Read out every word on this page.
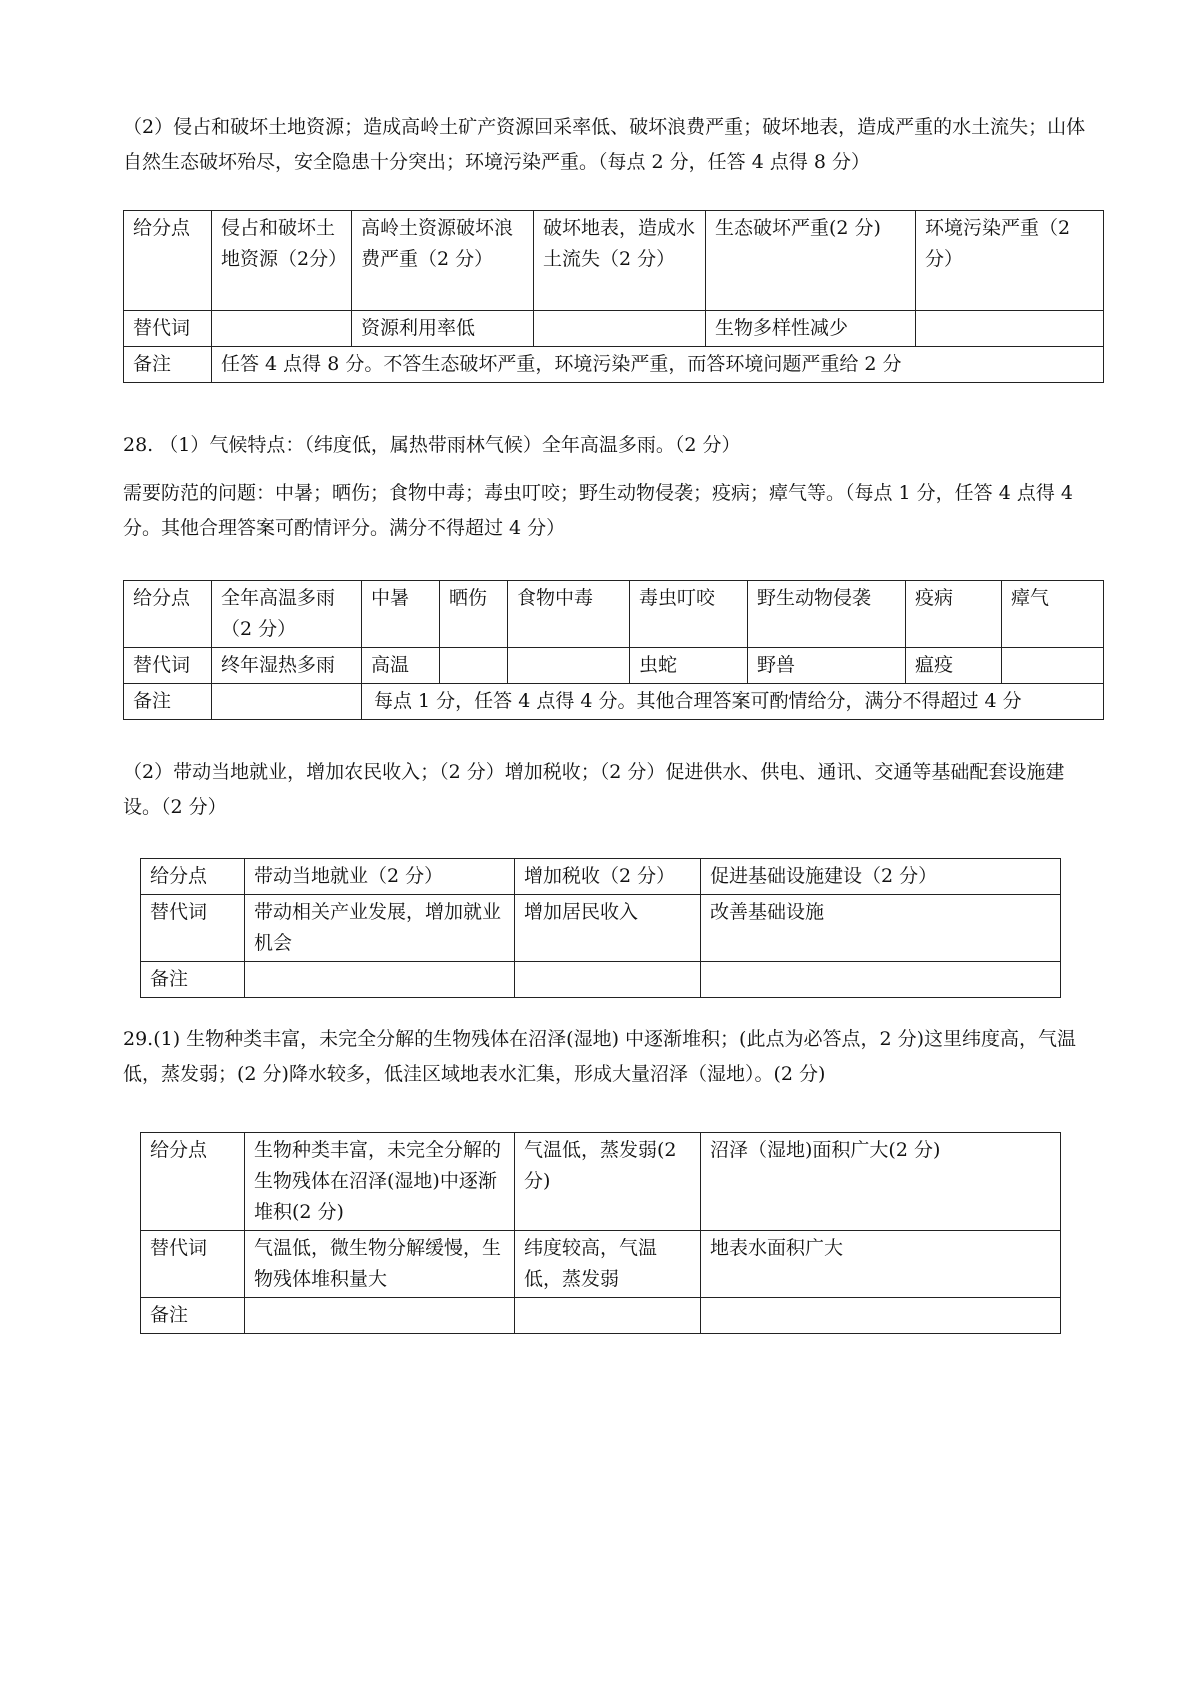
（2）侵占和破坏土地资源；造成高岭土矿产资源回采率低、破坏浪费严重；破坏地表，造成严重的水土流失；山体自然生态破坏殆尽，安全隐患十分突出；环境污染严重。（每点 2 分，任答 4 点得 8 分）

给分点	侵占和破坏土地资源（2分）	高岭土资源破坏浪费严重（2 分）	破坏地表，造成水土流失（2 分）	生态破坏严重(2 分)	环境污染严重（2 分）
替代词		资源利用率低		生物多样性减少	
备注	任答 4 点得 8 分。不答生态破坏严重，环境污染严重，而答环境问题严重给 2 分				

28. （1）气候特点：（纬度低，属热带雨林气候）全年高温多雨。（2 分）

需要防范的问题：中暑；晒伤；食物中毒；毒虫叮咬；野生动物侵袭；疫病；瘴气等。（每点 1 分，任答 4 点得 4 分。其他合理答案可酌情评分。满分不得超过 4 分）

给分点	全年高温多雨（2 分）	中暑	晒伤	食物中毒	毒虫叮咬	野生动物侵袭	疫病	瘴气
替代词	终年湿热多雨	高温			虫蛇	野兽	瘟疫	
备注		每点 1 分，任答 4 点得 4 分。其他合理答案可酌情给分，满分不得超过 4 分						

（2）带动当地就业，增加农民收入；（2 分）增加税收；（2 分）促进供水、供电、通讯、交通等基础配套设施建设。（2 分）

给分点	带动当地就业（2 分）	增加税收（2 分）	促进基础设施建设（2 分）
替代词	带动相关产业发展，增加就业机会	增加居民收入	改善基础设施
备注			

29.(1) 生物种类丰富，未完全分解的生物残体在沼泽(湿地) 中逐渐堆积；(此点为必答点，2 分)这里纬度高，气温低，蒸发弱；(2 分)降水较多，低洼区域地表水汇集，形成大量沼泽（湿地）。(2 分)

给分点	生物种类丰富，未完全分解的生物残体在沼泽(湿地)中逐渐堆积(2 分)	气温低，蒸发弱(2 分)	沼泽（湿地)面积广大(2 分)
替代词	气温低，微生物分解缓慢，生物残体堆积量大	纬度较高，气温低，蒸发弱	地表水面积广大
备注			
